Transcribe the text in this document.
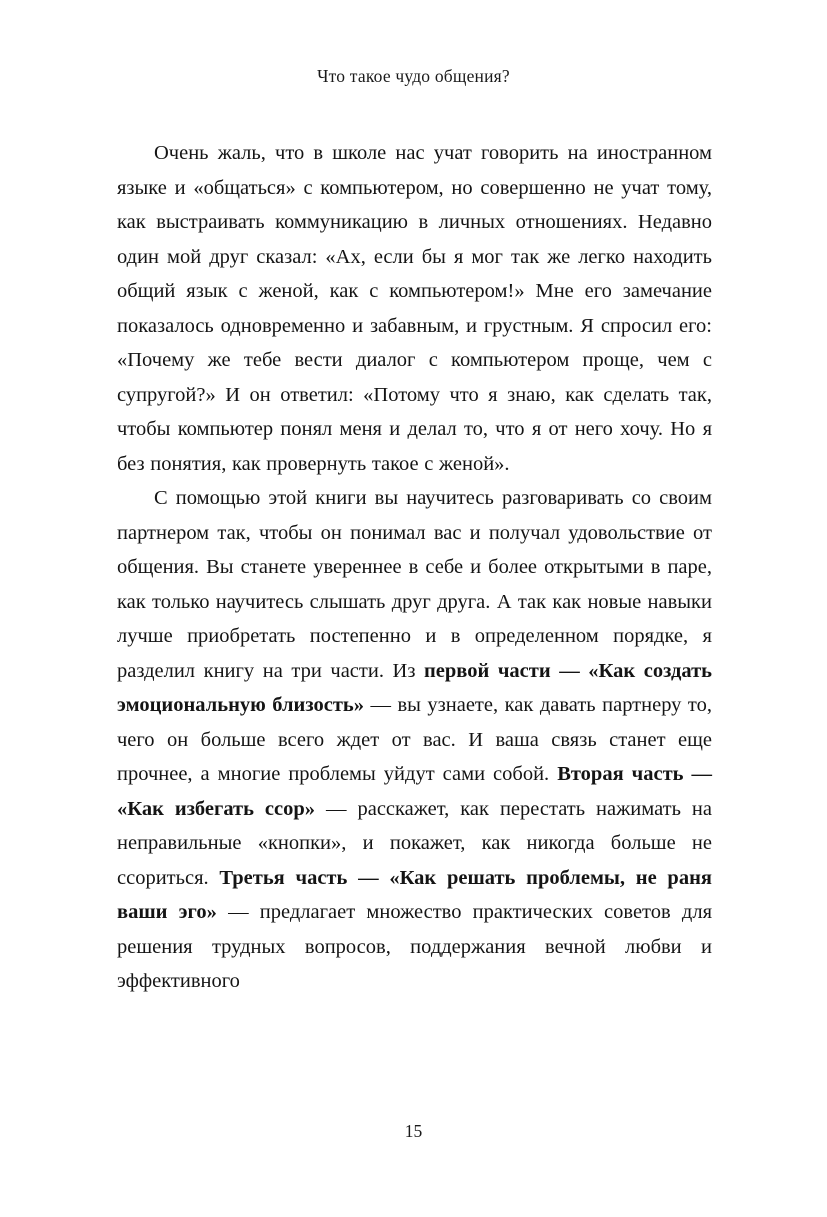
Что такое чудо общения?

Очень жаль, что в школе нас учат говорить на иностранном языке и «общаться» с компьютером, но совершенно не учат тому, как выстраивать коммуникацию в личных отношениях. Недавно один мой друг сказал: «Ах, если бы я мог так же легко находить общий язык с женой, как с компьютером!» Мне его замечание показалось одновременно и забавным, и грустным. Я спросил его: «Почему же тебе вести диалог с компьютером проще, чем с супругой?» И он ответил: «Потому что я знаю, как сделать так, чтобы компьютер понял меня и делал то, что я от него хочу. Но я без понятия, как провернуть такое с женой».

С помощью этой книги вы научитесь разговаривать со своим партнером так, чтобы он понимал вас и получал удовольствие от общения. Вы станете увереннее в себе и более открытыми в паре, как только научитесь слышать друг друга. А так как новые навыки лучше приобретать постепенно и в определенном порядке, я разделил книгу на три части. Из первой части — «Как создать эмоциональную близость» — вы узнаете, как давать партнеру то, чего он больше всего ждет от вас. И ваша связь станет еще прочнее, а многие проблемы уйдут сами собой. Вторая часть — «Как избегать ссор» — расскажет, как перестать нажимать на неправильные «кнопки», и покажет, как никогда больше не ссориться. Третья часть — «Как решать проблемы, не раня ваши эго» — предлагает множество практических советов для решения трудных вопросов, поддержания вечной любви и эффективного

15
